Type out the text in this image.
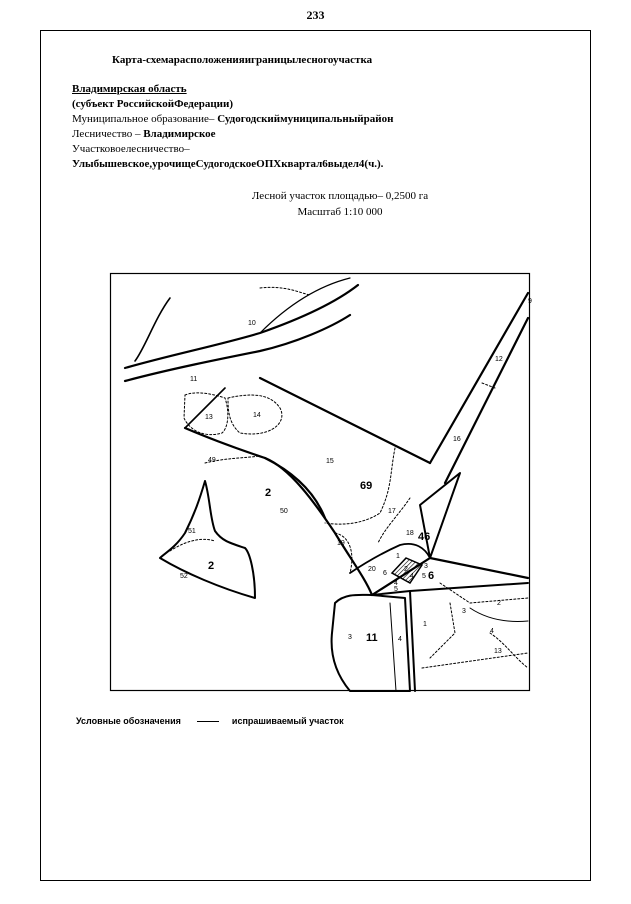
233
Карта-схемарасположенияиграницылесногоучастка
Владимирская область
(субъект РоссийскойФедерации)
Муниципальное образование– Судогодскиймуниципальныйрайон
Лесничество – Владимирское
Участковоелесничество–
Улыбышевское,урочищеСудогодскоеОПХквартал6выдел4(ч.).
Лесной участок площадью– 0,2500 га
Масштаб 1:10 000
10
11
13	14
15
16
12
9
17
18
19
20
49
50
51
52
1
2
6
4
5
3
4 5
3
4
1
2
4
3
13
69
2
2
46
11
6
Условные обозначения	испрашиваемый участок
